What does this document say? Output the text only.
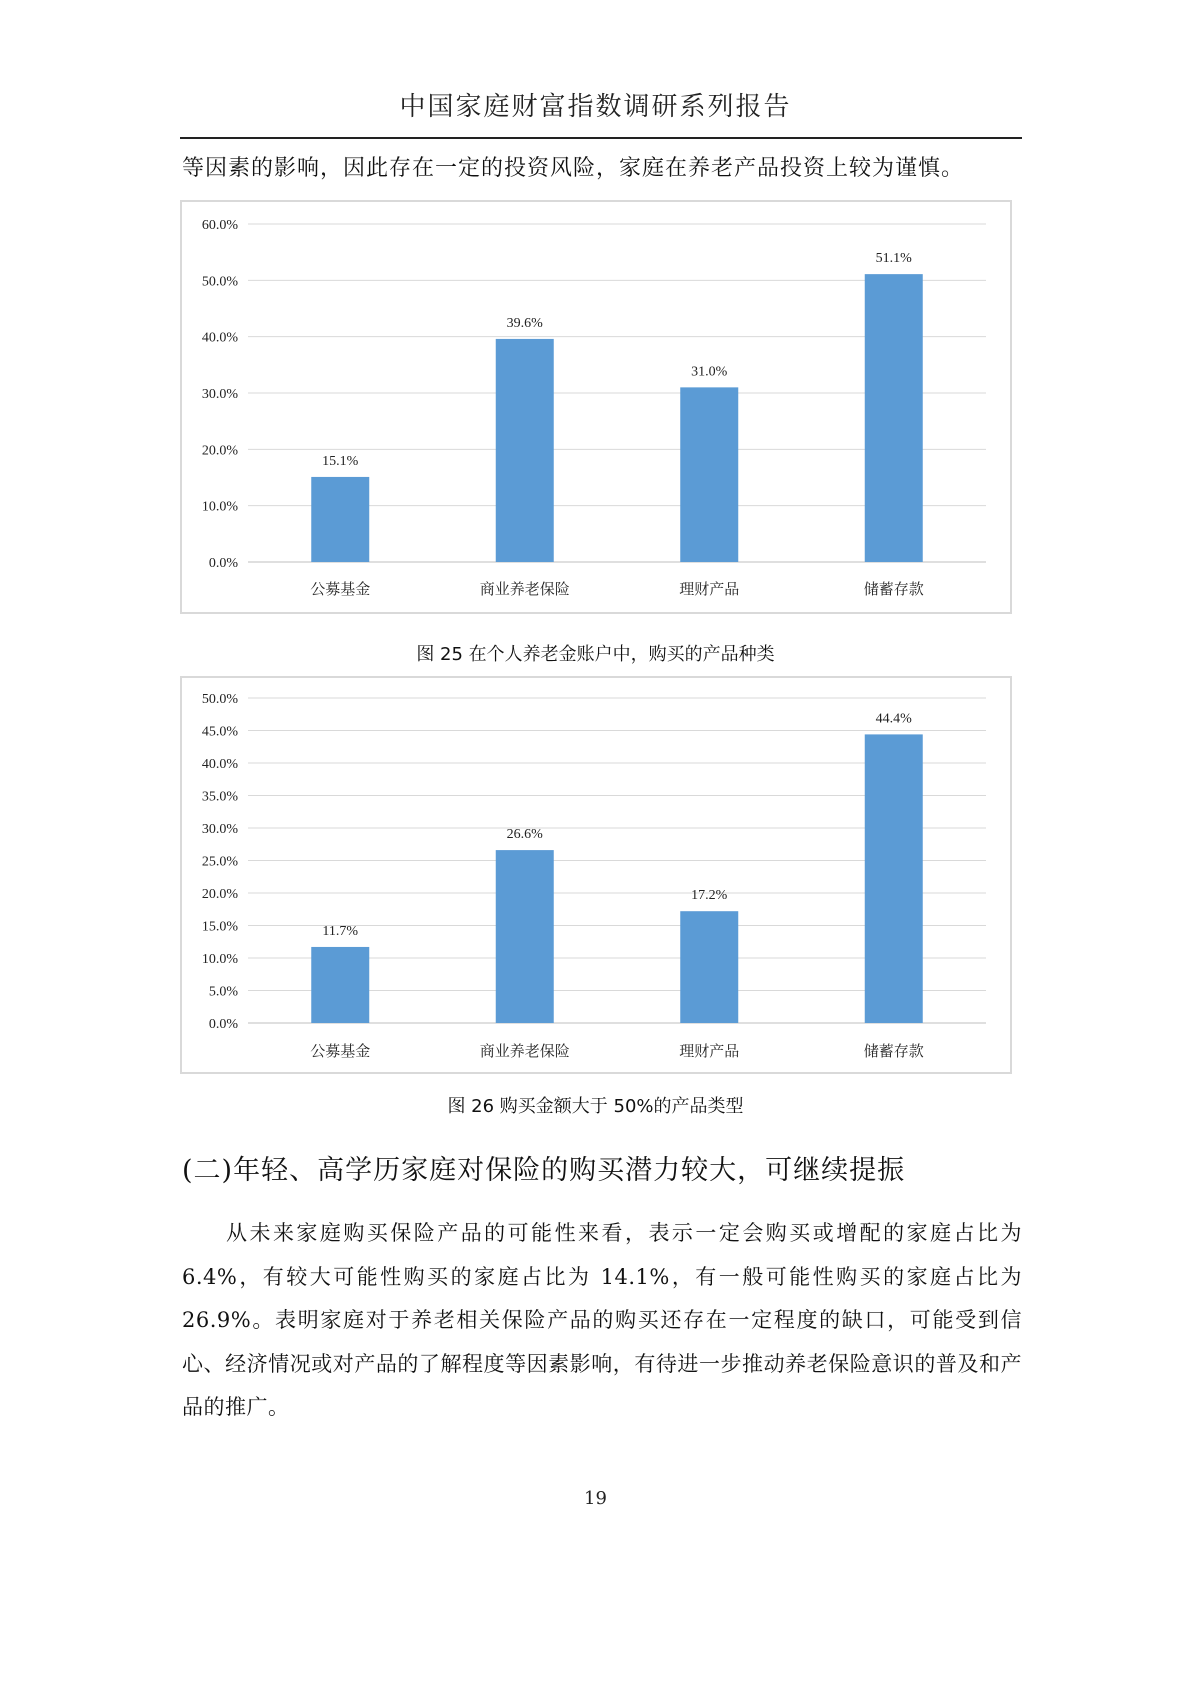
中国家庭财富指数调研系列报告
等因素的影响，因此存在一定的投资风险，家庭在养老产品投资上较为谨慎。
0.0%
10.0%
20.0%
30.0%
40.0%
50.0%
60.0%
15.1%
公募基金
39.6%
商业养老保险
31.0%
理财产品
51.1%
储蓄存款
图 25 在个人养老金账户中，购买的产品种类
0.0%
5.0%
10.0%
15.0%
20.0%
25.0%
30.0%
35.0%
40.0%
45.0%
50.0%
11.7%
公募基金
26.6%
商业养老保险
17.2%
理财产品
44.4%
储蓄存款
图 26 购买金额大于 50%的产品类型
(二)年轻、高学历家庭对保险的购买潜力较大，可继续提振

从未来家庭购买保险产品的可能性来看，表示一定会购买或增配的家庭占比为 6.4%，有较大可能性购买的家庭占比为 14.1%，有一般可能性购买的家庭占比为 26.9%。表明家庭对于养老相关保险产品的购买还存在一定程度的缺口，可能受到信心、经济情况或对产品的了解程度等因素影响，有待进一步推动养老保险意识的普及和产品的推广。

19
